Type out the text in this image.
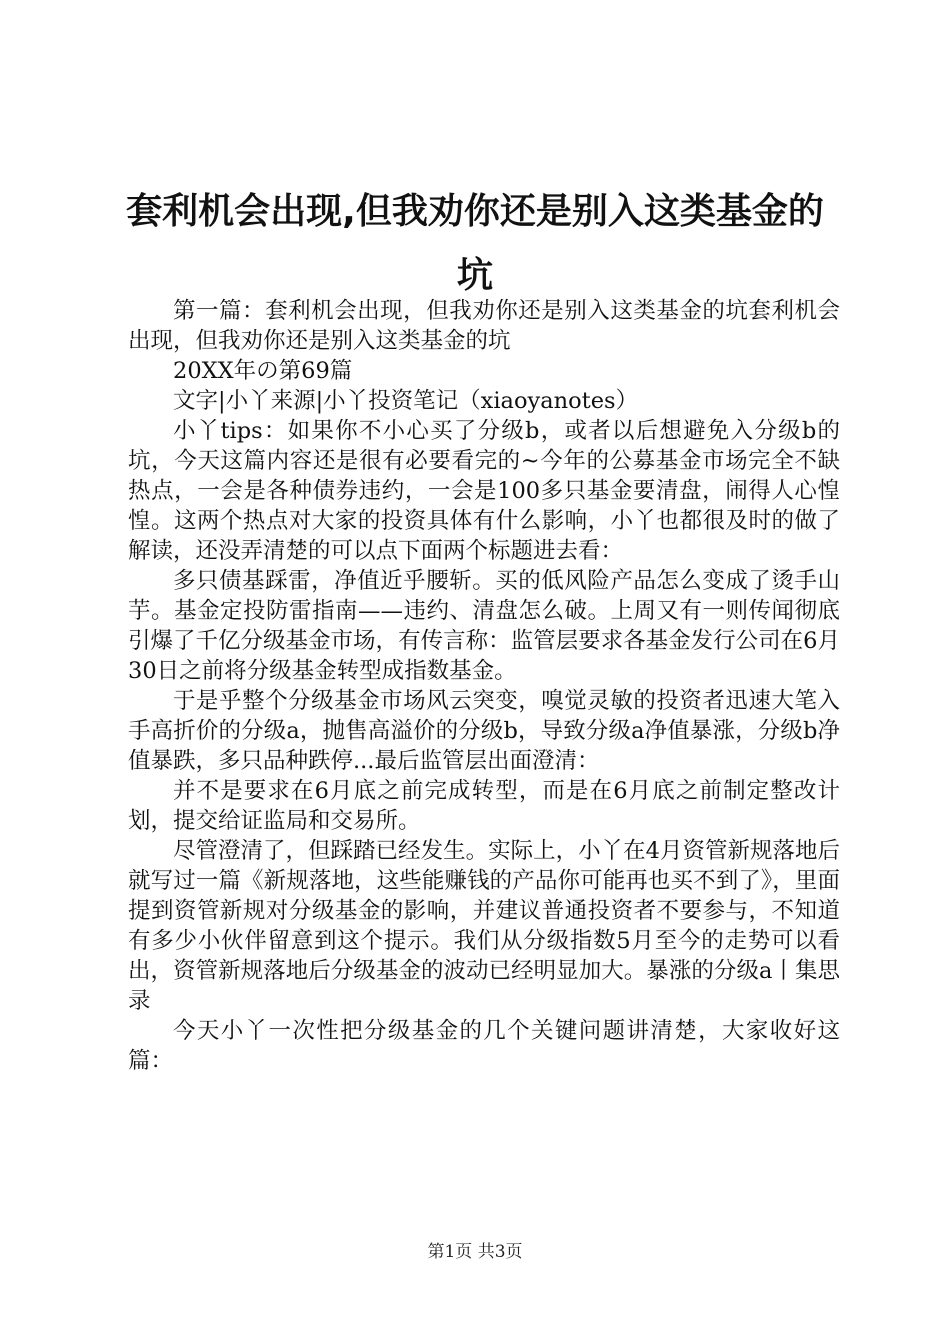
套利机会出现,但我劝你还是别入这类基金的坑

第一篇：套利机会出现，但我劝你还是别入这类基金的坑套利机会出现，但我劝你还是别入这类基金的坑

20XX年の第69篇

文字|小丫来源|小丫投资笔记（xiaoyanotes）

小丫tips：如果你不小心买了分级b，或者以后想避免入分级b的坑，今天这篇内容还是很有必要看完的~今年的公募基金市场完全不缺热点，一会是各种债券违约，一会是100多只基金要清盘，闹得人心惶惶。这两个热点对大家的投资具体有什么影响，小丫也都很及时的做了解读，还没弄清楚的可以点下面两个标题进去看：

多只债基踩雷，净值近乎腰斩。买的低风险产品怎么变成了烫手山芋。基金定投防雷指南——违约、清盘怎么破。上周又有一则传闻彻底引爆了千亿分级基金市场，有传言称：监管层要求各基金发行公司在6月30日之前将分级基金转型成指数基金。

于是乎整个分级基金市场风云突变，嗅觉灵敏的投资者迅速大笔入手高折价的分级a，抛售高溢价的分级b，导致分级a净值暴涨，分级b净值暴跌，多只品种跌停...最后监管层出面澄清：

并不是要求在6月底之前完成转型，而是在6月底之前制定整改计划，提交给证监局和交易所。

尽管澄清了，但踩踏已经发生。实际上，小丫在4月资管新规落地后就写过一篇《新规落地，这些能赚钱的产品你可能再也买不到了》，里面提到资管新规对分级基金的影响，并建议普通投资者不要参与，不知道有多少小伙伴留意到这个提示。我们从分级指数5月至今的走势可以看出，资管新规落地后分级基金的波动已经明显加大。暴涨的分级a丨集思录

今天小丫一次性把分级基金的几个关键问题讲清楚，大家收好这篇：

第1页 共3页
